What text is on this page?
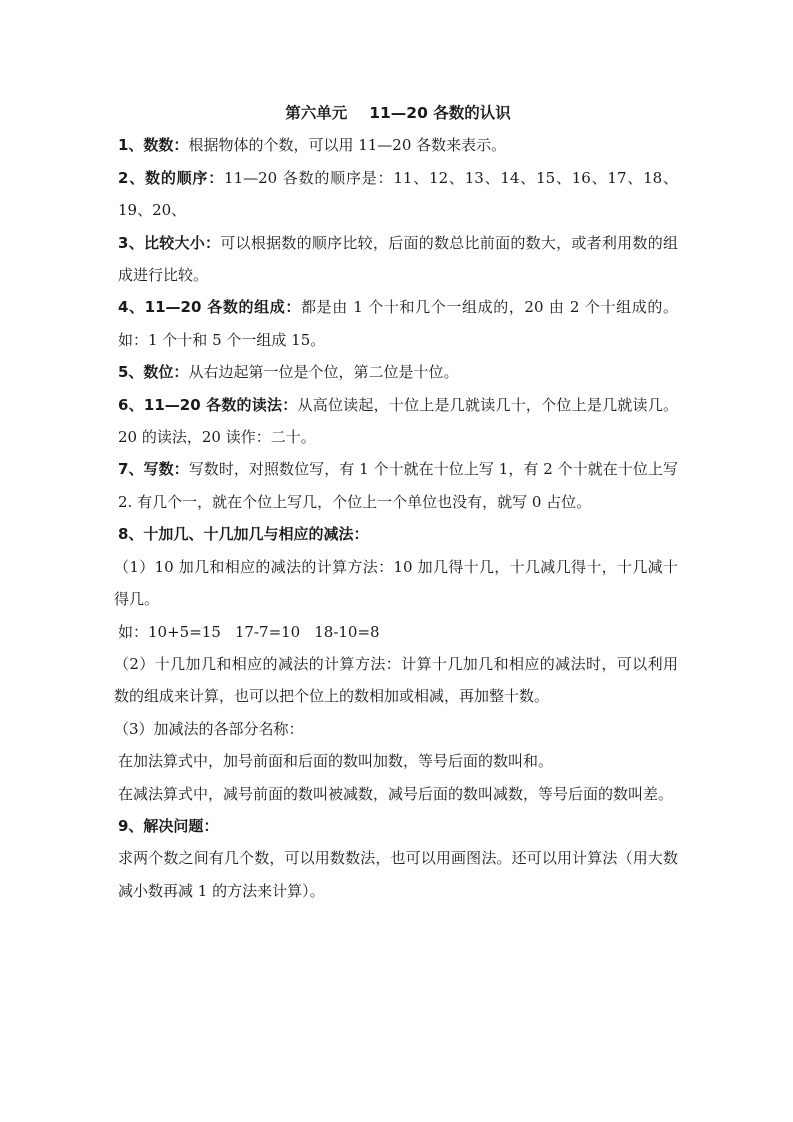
第六单元 11—20 各数的认识

1、数数：根据物体的个数，可以用 11—20 各数来表示。

2、数的顺序：11—20 各数的顺序是：11、12、13、14、15、16、17、18、19、20、

3、比较大小：可以根据数的顺序比较，后面的数总比前面的数大，或者利用数的组成进行比较。

4、11—20 各数的组成：都是由 1 个十和几个一组成的，20 由 2 个十组成的。如：1 个十和 5 个一组成 15。

5、数位：从右边起第一位是个位，第二位是十位。

6、11—20 各数的读法：从高位读起，十位上是几就读几十，个位上是几就读几。20 的读法，20 读作：二十。

7、写数：写数时，对照数位写，有 1 个十就在十位上写 1，有 2 个十就在十位上写 2. 有几个一，就在个位上写几，个位上一个单位也没有，就写 0 占位。

8、十加几、十几加几与相应的减法：

（1）10 加几和相应的减法的计算方法：10 加几得十几，十几减几得十，十几减十得几。

如：10+5=15 17-7=10 18-10=8

（2）十几加几和相应的减法的计算方法：计算十几加几和相应的减法时，可以利用数的组成来计算，也可以把个位上的数相加或相减，再加整十数。

（3）加减法的各部分名称：

在加法算式中，加号前面和后面的数叫加数，等号后面的数叫和。

在减法算式中，减号前面的数叫被减数，减号后面的数叫减数，等号后面的数叫差。

9、解决问题：

求两个数之间有几个数，可以用数数法，也可以用画图法。还可以用计算法（用大数减小数再减 1 的方法来计算）。
